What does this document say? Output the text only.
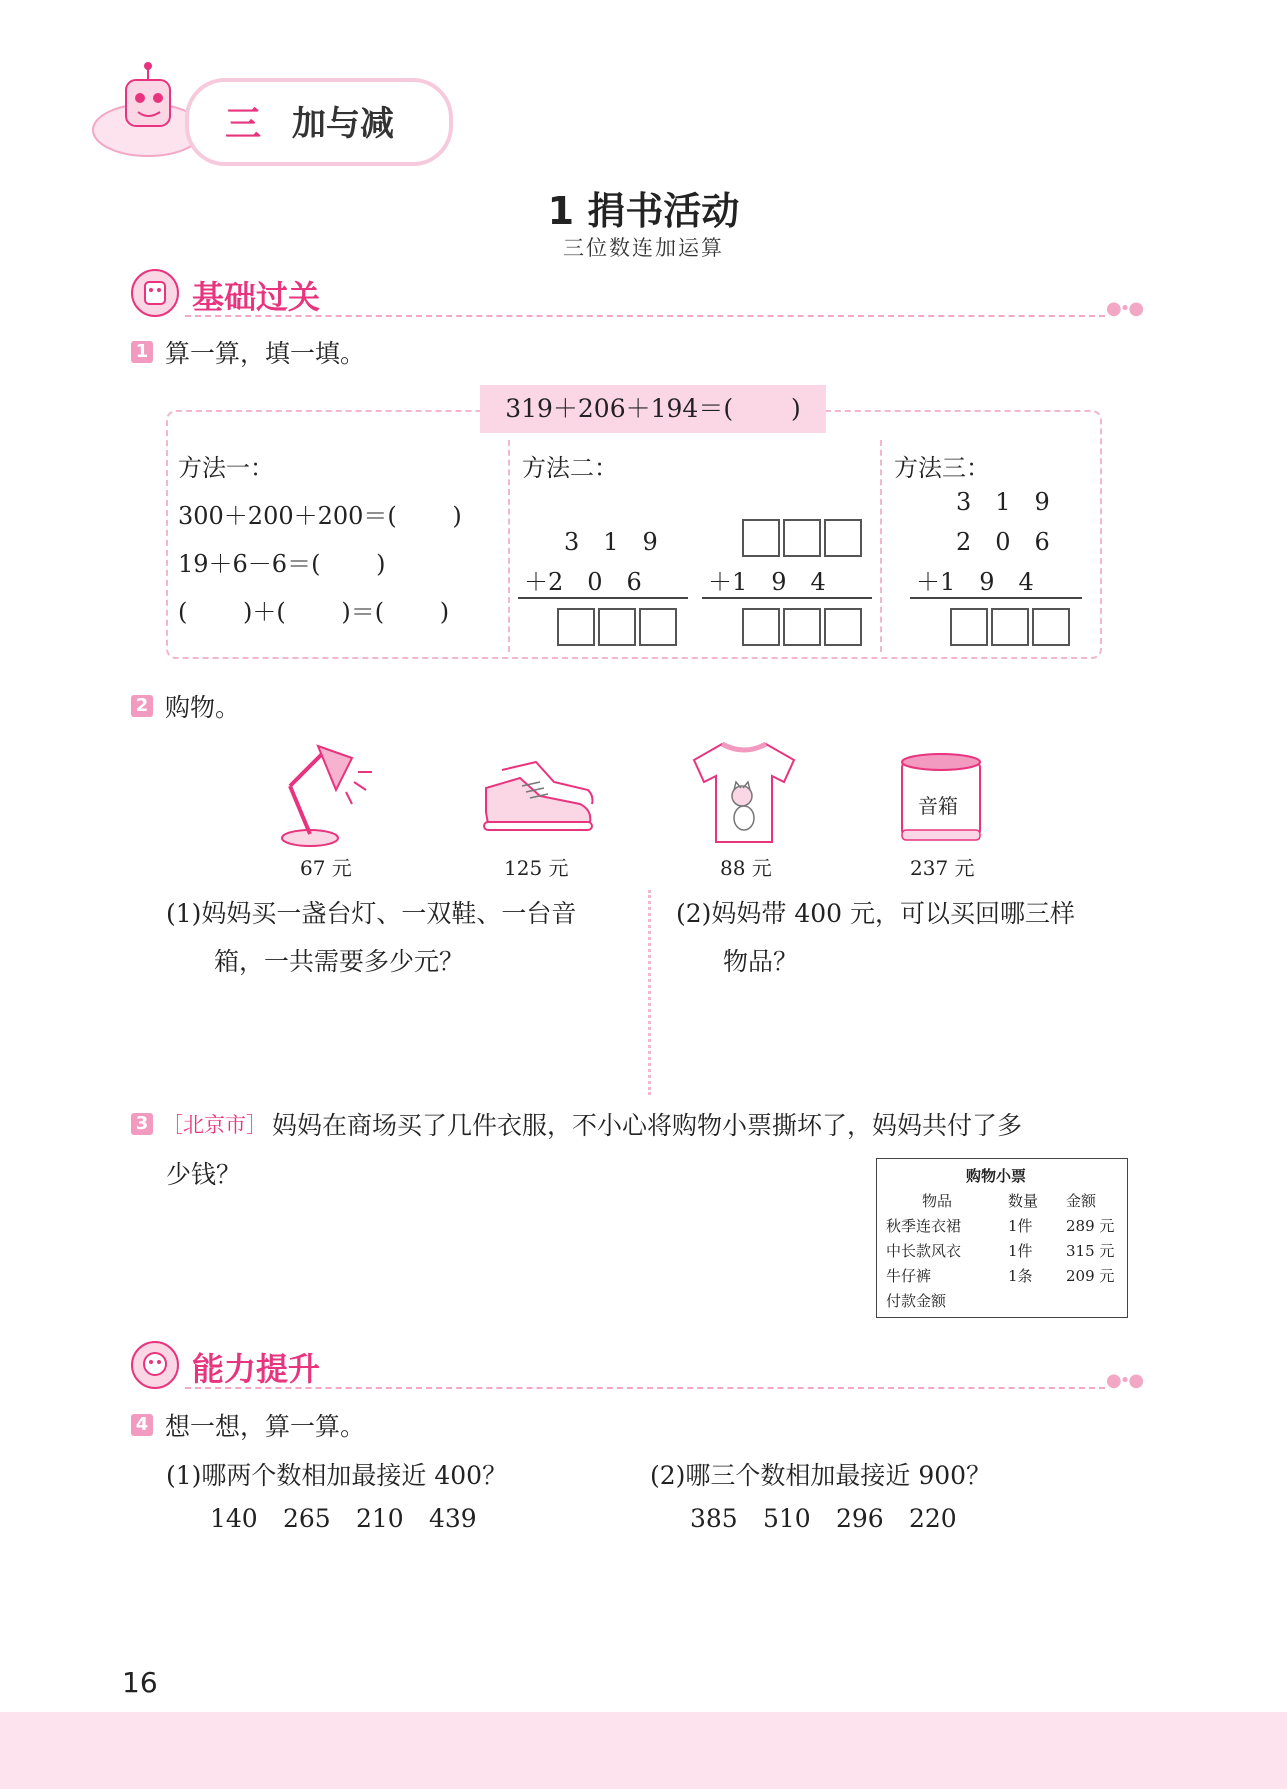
三 加与减
1 捐书活动
三位数连加运算
基础过关	●•●
1 算一算，填一填。
319＋206＋194＝(　　 )
方法一：
300＋200＋200＝(　　 )
19＋6－6＝(　　 )
(　　 )＋(　　 )＝(　　 )
方法二：
3　1　9
＋2　0　6	＋1　9　4
方法三：
3　1　9
2　0　6
＋1　9　4
2 购物。
67 元	125 元	88 元
音箱
237 元
(1)妈妈买一盏台灯、一双鞋、一台音
箱，一共需要多少元？
(2)妈妈带 400 元，可以买回哪三样
物品？
3 ［北京市］ 妈妈在商场买了几件衣服，不小心将购物小票撕坏了，妈妈共付了多
少钱？	购物小票
物品	数量 金额
秋季连衣裙	1件 289 元
中长款风衣	1件 315 元
牛仔裤	1条 209 元
付款金额
能力提升	●•●
4 想一想，算一算。
(1)哪两个数相加最接近 400？
140 265 210 439
(2)哪三个数相加最接近 900？
385 510 296 220
16
